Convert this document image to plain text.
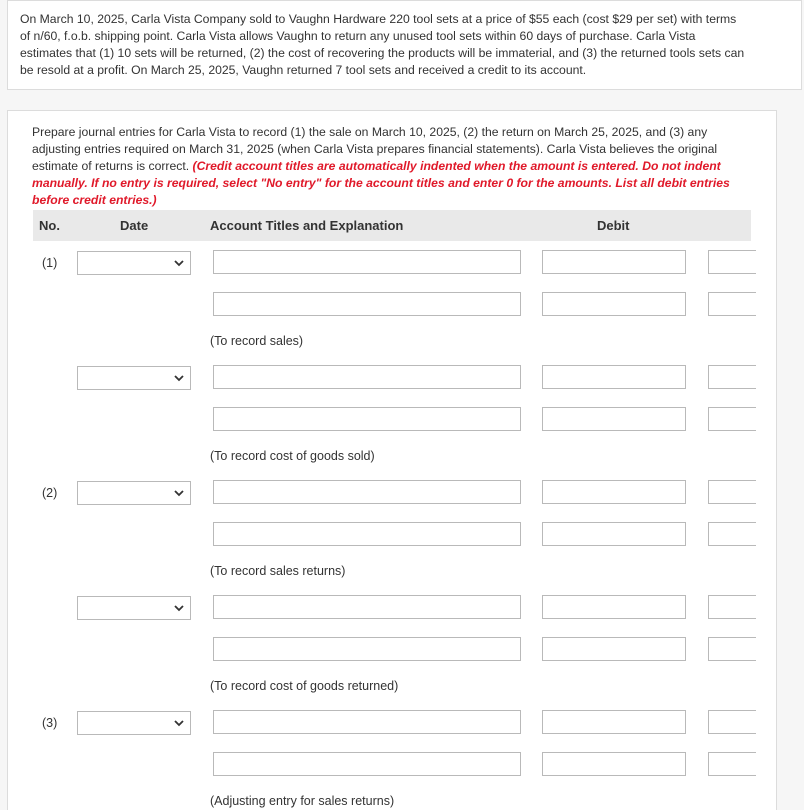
On March 10, 2025, Carla Vista Company sold to Vaughn Hardware 220 tool sets at a price of $55 each (cost $29 per set) with terms of n/60, f.o.b. shipping point. Carla Vista allows Vaughn to return any unused tool sets within 60 days of purchase. Carla Vista estimates that (1) 10 sets will be returned, (2) the cost of recovering the products will be immaterial, and (3) the returned tools sets can be resold at a profit. On March 25, 2025, Vaughn returned 7 tool sets and received a credit to its account.
Prepare journal entries for Carla Vista to record (1) the sale on March 10, 2025, (2) the return on March 25, 2025, and (3) any adjusting entries required on March 31, 2025 (when Carla Vista prepares financial statements). Carla Vista believes the original estimate of returns is correct. (Credit account titles are automatically indented when the amount is entered. Do not indent manually. If no entry is required, select "No entry" for the account titles and enter 0 for the amounts. List all debit entries before credit entries.)
No.	Date	Account Titles and Explanation	Debit
(1)
(To record sales)
(To record cost of goods sold)
(2)
(To record sales returns)
(To record cost of goods returned)
(3)
(Adjusting entry for sales returns)
